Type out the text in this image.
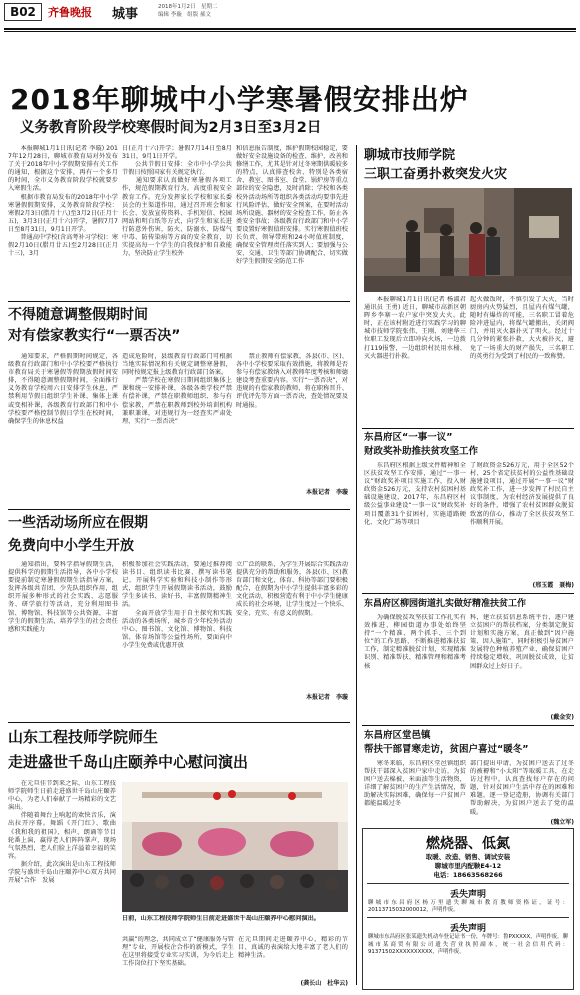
B02	齐鲁晚报 城事	2018年1月2日　星期二
编辑 李璇　组版 郝文
2018年聊城中小学寒暑假安排出炉
义务教育阶段学校寒假时间为2月3日至3月2日
　　本报聊城1月1日讯(记者 李璇) 2017年12月28日，聊城市教育局对外发布了关于2018年中小学假期安排有关工作的通知，根据这个安排，再有一个多月的时间，全市义务教育阶段学校就要步入寒假生活。
　　根据市教育局发布的2018年中小学寒暑假假期安排，义务教育阶段学校：寒假2月3日(腊月十八)至3月2日(正月十五)，3月3日(正月十六)开学，暑假7月7日至8月31日，9月1日开学。
　　普通高中学校(含高考补习学校)：寒假2月10日(腊月廿五)至2月28日(正月十三)，3月
日(正月十六)开学；暑假7月14日至8月31日，9月1日开学。
　　公共节假日安排：全市中小学公共节假日按照国家有关规定执行。
　　通知要求认真做好寒暑假各项工作，规范假期教育行为，高度重视安全教育工作。充分发挥家长学校和家长委员会的主渠道作用，通过召开班会和家长会、发放宣传资料、手机短信、校园网站和明白纸等方式，向学生和家长进行防意外伤害、防火、防溺水、防煤气中毒、防传染病等方面的安全教育，切实提高每一个学生的自我保护和自救能力，坚决防止学生校外
和信息报告制度，维护假期校园稳定，要做好安全设施设备的检查、维护，改善和修缮工作，尤其是针对过冬寒期供暖较多的特点，认真排查校舍、特别是各类宿舍、教室、图书室、食堂、锅炉房等重点部位的安全隐患，及时消除；学校和各类校外活动场所等组织各类活动均要事先进行风险评估，做好安全预案，在要时活动场所设施、器材的安全检查工作，防止各类安全事故；各级教育行政部门和中小学要设置好寒假值班安排。实行寒假值班校长负责、领导带班和24小时值班制度，确保安全管理责任落实到人；要加强与公安、交通、卫生等部门协调配合，切实做好学生假期安全防范工作
不得随意调整假期时间
对有偿家教实行“一票否决”
　　通知要求，严格假期时间规定，各级教育行政部门和中小学校要严格执行市教育局关于寒暑假等假期放假时间安排，不得随意调整假期时间，全面推行义务教育学校周六日安排学生休息，严禁利用节假日组织学生补课、集体上课或变相补课，各级教育行政部门和中小学校要严格控制节假日学生在校时间，确保学生的休息权益
造成危险时，县级教育行政部门可根据当地实际情况和有关规定调整寒暑假，同时按规定报上级教育行政部门备案。
　　严禁学校在寒假日期间组织集体上课和统一安排补课，各级各类学校严禁有偿补课，严禁在职教师组织、参与有偿家教，严禁在职教师到校外培训机构兼职兼课，对违规行为一经查实严肃处理，实行“一票否决”
　　禁止教师有偿家教，各县(市、区)、各中小学校要采取有效措施，将教师是否参与有偿家教纳入对教师年度考核和师德建设考查重要内容。实行“一票否决”，对违规的有偿家教的教师，将在职称晋升、评优评先等方面一票否决，查处情况要及时通报。
本报记者　李璇
一些活动场所应在假期
免费向中小学生开放
　　通知指出，要科学指导假期生活，提供科学的假期生活指导，各中小学校要提前制定寒暑假假期生活指导方案，发挥各级共青团、少先队组织作用，组织开展多种形式的社会实践、志愿服务、研学旅行等活动，充分利用图书馆、博物馆、科技馆等公共资源，丰富学生的假期生活，培养学生的社会责任感和实践能力
积极参加社会实践活动，要通过推荐阅读书目、组织读书比赛、撰写读书笔记、开展科学实验和科技小制作等形式，组织学生开展假期读书活动，鼓励学生多读书、读好书，丰富假期精神生活。
　　全面开放学生用于自主探究和实践活动的各类场所，城乡青少年校外活动中心、图书馆、文化馆、博物馆、科技馆、体育场馆等公益性场所，要面向中小学生免费或优惠开放
立广泛的联系，为学生开展综合实践活动提供充分的帮助和服务，各县(市、区)教育部门和文化、体育、科协等部门要积极配合，在假期为中小学生提供丰富多彩的文化活动，积极营造有利于中小学生健康成长的社会环境，让学生度过一个快乐、安全、充实、有意义的假期。
本报记者　李璇
山东工程技师学院师生
走进盛世千岛山庄颐养中心慰问演出
　　在元旦佳节到来之际，山东工程技师学院师生日前走进盛世千岛山庄颐养中心，为老人们奉献了一场精彩的文艺演出。
　　伴随着舞台上响起的欢快音乐，演出拉开序幕。舞蹈《开门红》、歌曲《我和我的祖国》、相声、朗诵等节目轮番上演，赢得老人们阵阵掌声，现场气氛热烈，老人们脸上洋溢着幸福的笑容。
　　据介绍，此次演出是山东工程技师学院与盛世千岛山庄颐养中心双方共同开展“合作　发展
日前，山东工程技师学院师生日前走进盛世千岛山庄颐养中心慰问演出。
共赢”的理念，共同成立了“健康服务与管理”专业，开展校企合作的新模式，学生在这里将接受专业实习实训，为今后走上工作岗位打下坚实基础。
在元旦期间走进颐养中心，精彩的节目、真诚的表演给大地丰富了老人们的精神生活。
(龚长山　杜华云)
聊城市技师学院
三职工奋勇扑救突发火灾
　　本报聊城1月1日讯(记者 杨淑君　通讯员 王勇) 近日，聊城市高新区朝晖乡李寨一农户家中突发大火。此时，正在该村附近进行实践学习的聊城市技师学院张伟、王刚、刘建华三位职工发现后立即冲向火场，一边拨打119报警，一边组织村民用水桶、灭火器进行扑救。
起火做饭时，不慎引发了大火，当时厨房内火势猛烈，且屋内有煤气罐，随时有爆炸的可能，三名职工冒着危险冲进屋内，将煤气罐搬出，关闭阀门，并用灭火器扑灭了明火。经过十几分钟的紧张扑救，大火被扑灭，避免了一场重大的财产损失，三名职工的英勇行为受到了村民的一致称赞。
东昌府区“一事一议”
财政奖补助推扶贫攻坚工作
　　东昌府区根据上级文件精神和全区扶贫攻坚工作安排，通过“一事一议”财政奖补项目实施工作，投入财政资金526万元，支持农村贫困村基础设施建设，2017年，东昌府区村级公益事业建设“一事一议”财政奖补项目覆盖31个贫困村，实施道路硬化、文化广场等项目
了财政资金526万元，用于全区52个村、25个省定扶贫村的公益性基础设施建设项目，通过开展“一事一议”财政奖补工作，进一步发挥了村民自主议事制度，为农村经济发展提供了良好的条件，增强了农村贫困群众脱贫致富的信心，推动了全区扶贫攻坚工作顺利开展。
(邢玉霞　聂梅)
东昌府区柳园街道扎实做好精准扶贫工作
　　为确保脱贫攻坚扶贫工作扎实有效推进，柳园街道办事处始终坚持“一个精准、两个抓手、三个到位”的工作思路，不断推进精准扶贫工作，制定精准脱贫计划，实现精准识别、精准帮扶、精准管理和精准考核
科，建立扶贫信息系统平台，逐户建立贫困户的帮扶档案，分类制定脱贫计划和实施方案，真正做到“因户施策、因人施策”，同时积极引导贫困户发展特色种植养殖产业，确保贫困户持续稳定增收，巩固脱贫成效，让贫困群众过上好日子。
(戴金安)
东昌府区堂邑镇
帮扶干部冒寒走访，贫困户喜过“暖冬”
　　寒冬来临，东昌府区堂邑镇组织帮扶干部深入贫困户家中走访，为贫困户送去棉被、米面油等生活物资，详细了解贫困户的生产生活情况，帮助解决实际困难，确保每一户贫困户都能温暖过冬
部门提出申请，为贫困户送去了过冬的被褥和“小太阳”等取暖工具，在走访过程中，认真查找每户存在的问题，针对贫困户生活中存在的困难和难题，逐一登记造册，协调有关部门帮助解决，为贫困户送去了党的温暖。
(魏立军)
燃烧器、低氮
取暖、改造、销售、调试安装
聊城市里内配鞅E4-12
电话：18663568266
丢失声明
聊城市东昌府区杨万里遗失聊城市教育教师资格证，证号：20113715032000012，声明作废。
丢失声明
聊城市东昌府区张某遗失机动车登记证书一份，车牌号：鲁PXXXXX，声明作废。聊城市某商贸有限公司遗失营业执照副本，统一社会信用代码：91371502XXXXXXXXXX，声明作废。
